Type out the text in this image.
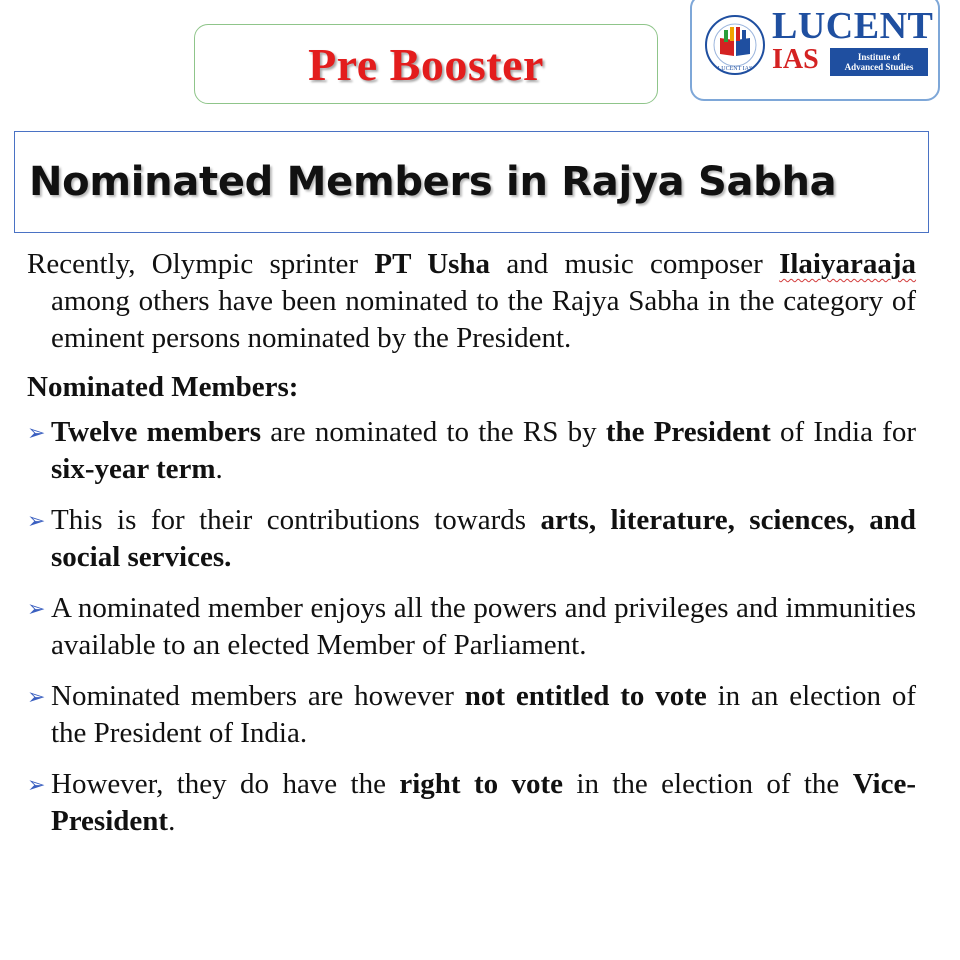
Pre Booster	LUCENT IAS
LUCENT
IAS	Institute of
Advanced Studies
Nominated Members in Rajya Sabha

Recently, Olympic sprinter PT Usha and music composer Ilaiyaraaja among others have been nominated to the Rajya Sabha in the category of eminent persons nominated by the President.

Nominated Members:
➢ Twelve members are nominated to the RS by the President of India for six-year term.
➢ This is for their contributions towards arts, literature, sciences, and social services.
➢ A nominated member enjoys all the powers and privileges and immunities available to an elected Member of Parliament.
➢ Nominated members are however not entitled to vote in an election of the President of India.
➢ However, they do have the right to vote in the election of the Vice-President.
